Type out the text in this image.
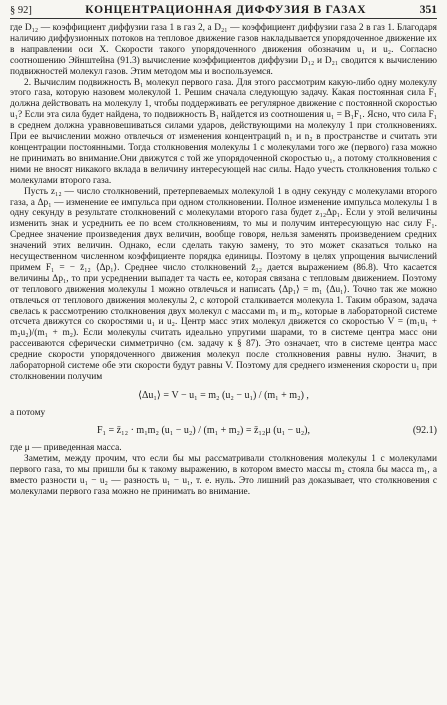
§ 92]	КОНЦЕНТРАЦИОННАЯ ДИФФУЗИЯ В ГАЗАХ	351

где D₁₂ — коэффициент диффузии газа 1 в газ 2, а D₂₁ — коэффициент диффузии газа 2 в газ 1. Благодаря наличию диффузионных потоков на тепловое движение газов накладывается упорядоченное движение их в направлении оси X. Скорости такого упорядоченного движения обозначим u₁ и u₂. Согласно соотношению Эйнштейна (91.3) вычисление коэффициентов диффузии D₁₂ и D₂₁ сводится к вычислению подвижностей молекул газов. Этим методом мы и воспользуемся.

2. Вычислим подвижность B₁ молекул первого газа. Для этого рассмотрим какую-либо одну молекулу этого газа, которую назовем молекулой 1. Решим сначала следующую задачу. Какая постоянная сила F₁ должна действовать на молекулу 1, чтобы поддерживать ее регулярное движение с постоянной скоростью u₁? Если эта сила будет найдена, то подвижность B₁ найдется из соотношения u₁ = B₁F₁. Ясно, что сила F₁ в среднем должна уравновешиваться силами ударов, действующими на молекулу 1 при столкновениях. При ее вычислении можно отвлечься от изменения концентраций n₁ и n₂ в пространстве и считать эти концентрации постоянными. Тогда столкновения молекулы 1 с молекулами того же (первого) газа можно не принимать во внимание.Они движутся с той же упорядоченной скоростью u₁, а потому столкновения с ними не вносят никакого вклада в величину интересующей нас силы. Надо учесть столкновения только с молекулами второго газа.

Пусть z₁₂ — число столкновений, претерпеваемых молекулой 1 в одну секунду с молекулами второго газа, а Δp₁ — изменение ее импульса при одном столкновении. Полное изменение импульса молекулы 1 в одну секунду в результате столкновений с молекулами второго газа будет z₁₂Δp₁. Если у этой величины изменить знак и усреднить ее по всем столкновениям, то мы и получим интересующую нас силу F₁. Среднее значение произведения двух величин, вообще говоря, нельзя заменять произведением средних значений этих величин. Однако, если сделать такую замену, то это может сказаться только на несущественном численном коэффициенте порядка единицы. Поэтому в целях упрощения вычислений примем F₁ = − z̄₁₂ ⟨Δp₁⟩. Среднее число столкновений z̄₁₂ дается выражением (86.8). Что касается величины Δp₁, то при усреднении выпадет та часть ее, которая связана с тепловым движением. Поэтому от теплового движения молекулы 1 можно отвлечься и написать ⟨Δp₁⟩ = m₁ ⟨Δu₁⟩. Точно так же можно отвлечься от теплового движения молекулы 2, с которой сталкивается молекула 1. Таким образом, задача свелась к рассмотрению столкновения двух молекул с массами m₁ и m₂, которые в лабораторной системе отсчета движутся со скоростями u₁ и u₂. Центр масс этих молекул движется со скоростью V = (m₁u₁ + m₂u₂)/(m₁ + m₂). Если молекулы считать идеально упругими шарами, то в системе центра масс они рассеиваются сферически симметрично (см. задачу к § 87). Это означает, что в системе центра масс средние скорости упорядоченного движения молекул после столкновения равны нулю. Значит, в лабораторной системе обе эти скорости будут равны V. Поэтому для среднего изменения скорости u₁ при столкновении получим

⟨Δu₁⟩ = V − u₁ = m₂ (u₂ − u₁) / (m₁ + m₂) ,

а потому

F₁ = z̄₁₂ · m₁m₂ (u₁ − u₂) / (m₁ + m₂) = z̄₁₂μ (u₁ − u₂),	(92.1)

где μ — приведенная масса.

Заметим, между прочим, что если бы мы рассматривали столкновения молекулы 1 с молекулами первого газа, то мы пришли бы к такому выражению, в котором вместо массы m₂ стояла бы масса m₁, а вместо разности u₁ − u₂ — разность u₁ − u₁, т. е. нуль. Это лишний раз доказывает, что столкновения с молекулами первого газа можно не принимать во внимание.
